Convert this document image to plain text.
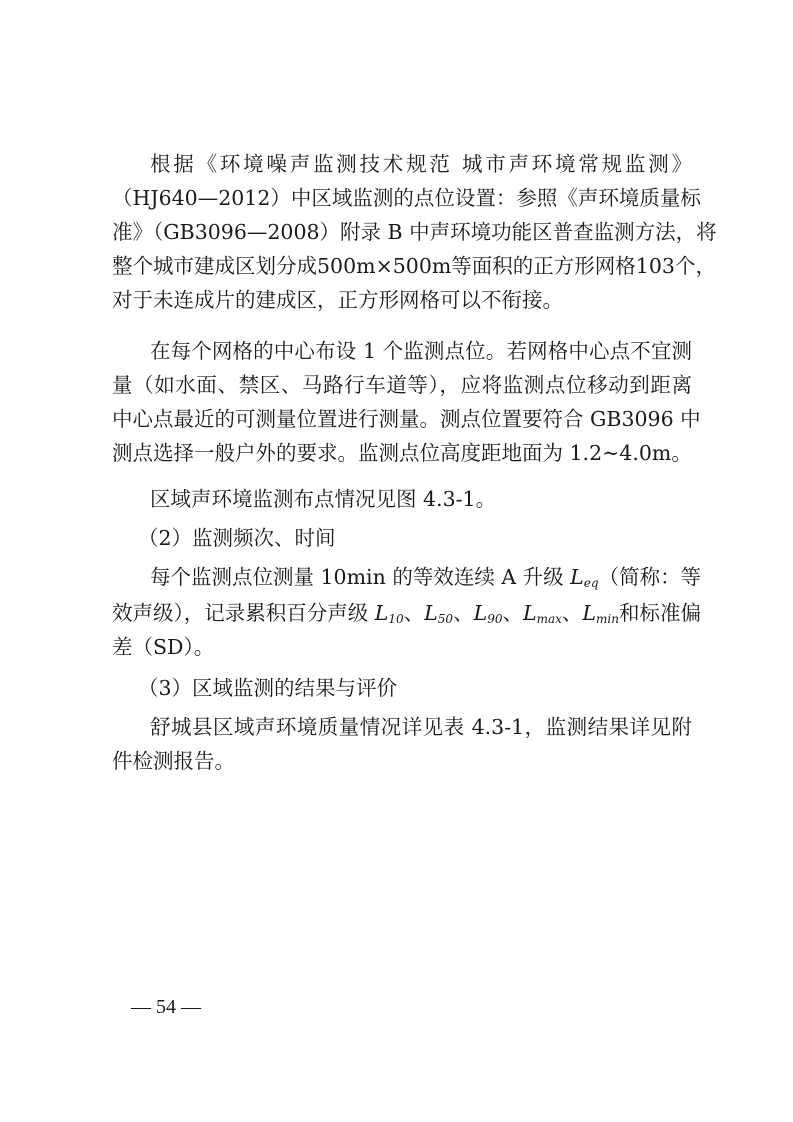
根据《环境噪声监测技术规范 城市声环境常规监测》
（HJ640—2012）中区域监测的点位设置：参照《声环境质量标
准》（GB3096—2008）附录 B 中声环境功能区普查监测方法，将
整个城市建成区划分成500m×500m等面积的正方形网格103个，
对于未连成片的建成区，正方形网格可以不衔接。
在每个网格的中心布设 1 个监测点位。若网格中心点不宜测
量（如水面、禁区、马路行车道等），应将监测点位移动到距离
中心点最近的可测量位置进行测量。测点位置要符合 GB3096 中
测点选择一般户外的要求。监测点位高度距地面为 1.2~4.0m。
区域声环境监测布点情况见图 4.3-1。
（2）监测频次、时间
每个监测点位测量 10min 的等效连续 A 升级 $L_{eq}$（简称：等
效声级），记录累积百分声级 $L_{10}$、$L_{50}$、$L_{90}$、$L_{max}$、$L_{min}$和标准偏
差（SD）。
（3）区域监测的结果与评价
舒城县区域声环境质量情况详见表 4.3-1，监测结果详见附
件检测报告。
— 54 —
